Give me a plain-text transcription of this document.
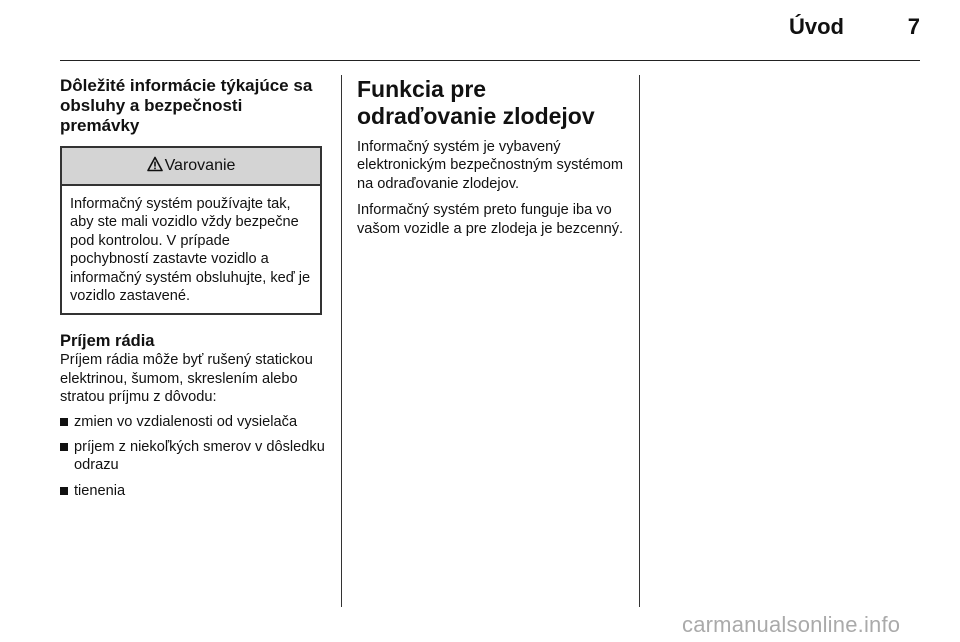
Úvod	7
Dôležité informácie týkajúce sa obsluhy a bezpečnosti premávky
Varovanie
Informačný systém používajte tak, aby ste mali vozidlo vždy bezpečne pod kontrolou. V prípade pochybností zastavte vozidlo a informačný systém obsluhujte, keď je vozidlo zastavené.
Príjem rádia

Príjem rádia môže byť rušený statickou elektrinou, šumom, skreslením alebo stratou príjmu z dôvodu:

zmien vo vzdialenosti od vysielača
príjem z niekoľkých smerov v dôsledku odrazu
tienenia
Funkcia pre odraďovanie zlodejov

Informačný systém je vybavený elektronickým bezpečnostným systémom na odraďovanie zlodejov.

Informačný systém preto funguje iba vo vašom vozidle a pre zlodeja je bezcenný.

carmanualsonline.info
